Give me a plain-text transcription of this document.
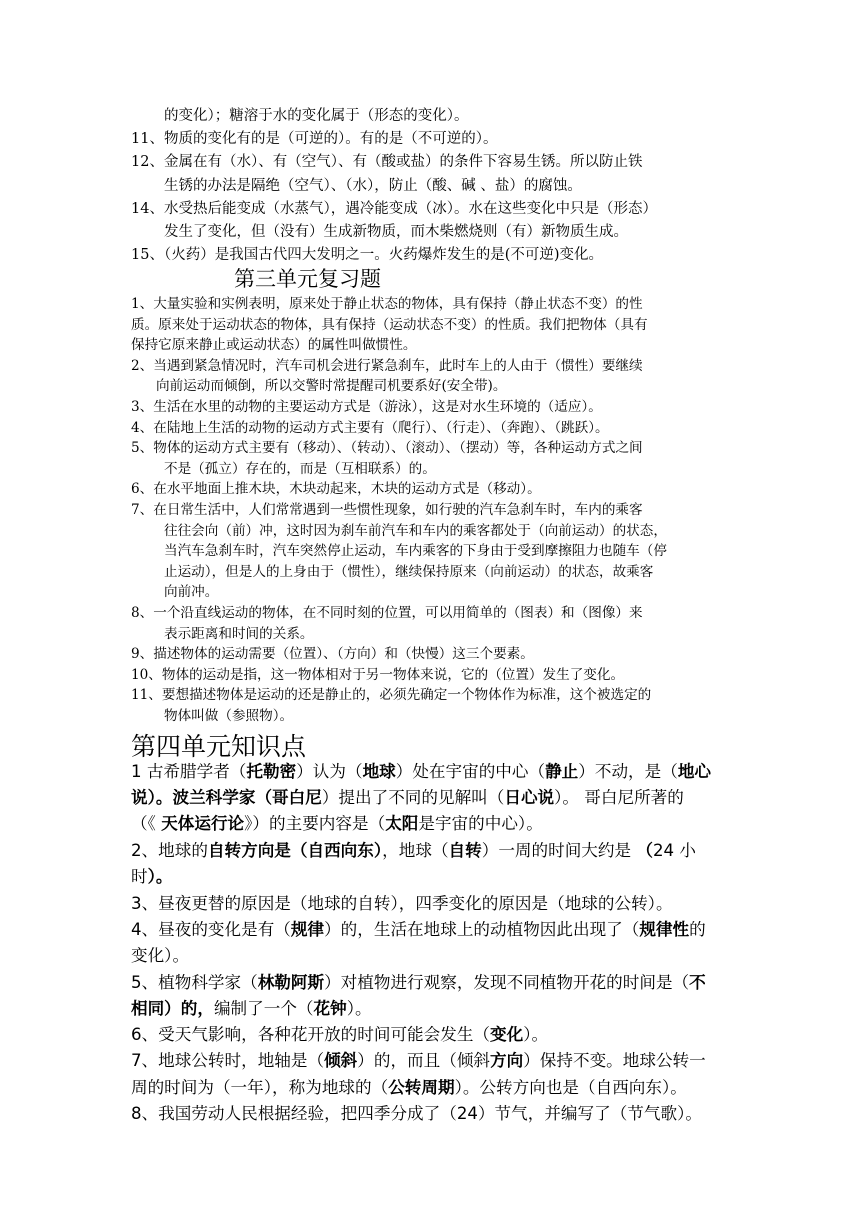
的变化）；糖溶于水的变化属于（形态的变化）。
11、物质的变化有的是（可逆的）。有的是（不可逆的）。
12、金属在有（水）、有（空气）、有（酸或盐）的条件下容易生锈。所以防止铁
生锈的办法是隔绝（空气）、（水），防止（酸、碱 、盐）的腐蚀。
14、水受热后能变成（水蒸气），遇冷能变成（冰）。水在这些变化中只是（形态）
发生了变化，但（没有）生成新物质，而木柴燃烧则（有）新物质生成。
15、（火药）是我国古代四大发明之一。火药爆炸发生的是(不可逆)变化。
第三单元复习题
1、大量实验和实例表明，原来处于静止状态的物体，具有保持（静止状态不变）的性
质。原来处于运动状态的物体，具有保持（运动状态不变）的性质。我们把物体（具有
保持它原来静止或运动状态）的属性叫做惯性。
2、当遇到紧急情况时，汽车司机会进行紧急刹车，此时车上的人由于（惯性）要继续
向前运动而倾倒，所以交警时常提醒司机要系好(安全带)。
3、生活在水里的动物的主要运动方式是（游泳），这是对水生环境的（适应）。
4、在陆地上生活的动物的运动方式主要有（爬行）、（行走）、（奔跑）、（跳跃）。
5、物体的运动方式主要有（移动）、（转动）、（滚动）、（摆动）等，各种运动方式之间
不是（孤立）存在的，而是（互相联系）的。
6、在水平地面上推木块，木块动起来，木块的运动方式是（移动）。
7、在日常生活中，人们常常遇到一些惯性现象，如行驶的汽车急刹车时，车内的乘客
往往会向（前）冲，这时因为刹车前汽车和车内的乘客都处于（向前运动）的状态，
当汽车急刹车时，汽车突然停止运动，车内乘客的下身由于受到摩擦阻力也随车（停
止运动），但是人的上身由于（惯性），继续保持原来（向前运动）的状态，故乘客
向前冲。
8、一个沿直线运动的物体，在不同时刻的位置，可以用简单的（图表）和（图像）来
表示距离和时间的关系。
9、描述物体的运动需要（位置）、（方向）和（快慢）这三个要素。
10、物体的运动是指，这一物体相对于另一物体来说，它的（位置）发生了变化。
11、要想描述物体是运动的还是静止的，必须先确定一个物体作为标准，这个被选定的
物体叫做（参照物）。
第四单元知识点
1 古希腊学者（托勒密）认为（地球）处在宇宙的中心（静止）不动，是（地心
说）。波兰科学家（哥白尼）提出了不同的见解叫（日心说）。 哥白尼所著的
（《 天体运行论》）的主要内容是（太阳是宇宙的中心）。
2、地球的自转方向是（自西向东），地球（自转）一周的时间大约是 （24 小
时）。
3、昼夜更替的原因是（地球的自转），四季变化的原因是（地球的公转）。
4、昼夜的变化是有（规律）的，生活在地球上的动植物因此出现了（规律性的
变化）。
5、植物科学家（林勒阿斯）对植物进行观察，发现不同植物开花的时间是（不
相同）的，编制了一个（花钟）。
6、受天气影响，各种花开放的时间可能会发生（变化）。
7、地球公转时，地轴是（倾斜）的，而且（倾斜方向）保持不变。地球公转一
周的时间为（一年），称为地球的（公转周期）。公转方向也是（自西向东）。
8、我国劳动人民根据经验，把四季分成了（24）节气，并编写了（节气歌）。
